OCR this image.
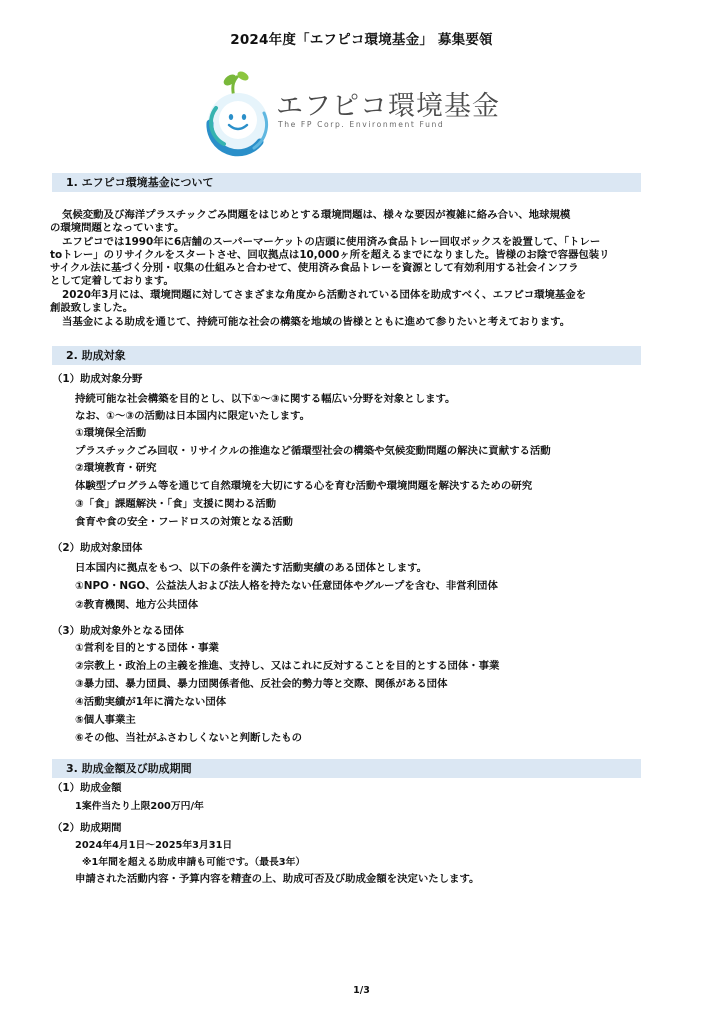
2024年度「エフピコ環境基金」 募集要領
エフピコ環境基金
The FP Corp. Environment Fund
1. エフピコ環境基金について
気候変動及び海洋プラスチックごみ問題をはじめとする環境問題は、様々な要因が複雑に絡み合い、地球規模
の環境問題となっています。
エフピコでは1990年に6店舗のスーパーマーケットの店頭に使用済み食品トレー回収ボックスを設置して、「トレー
toトレー」のリサイクルをスタートさせ、回収拠点は10,000ヶ所を超えるまでになりました。皆様のお陰で容器包装リ
サイクル法に基づく分別・収集の仕組みと合わせて、使用済み食品トレーを資源として有効利用する社会インフラ
として定着しております。
2020年3月には、環境問題に対してさまざまな角度から活動されている団体を助成すべく、エフピコ環境基金を
創設致しました。
当基金による助成を通じて、持続可能な社会の構築を地域の皆様とともに進めて参りたいと考えております。
2. 助成対象
（1）助成対象分野
持続可能な社会構築を目的とし、以下①～③に関する幅広い分野を対象とします。
なお、①～③の活動は日本国内に限定いたします。
①環境保全活動
プラスチックごみ回収・リサイクルの推進など循環型社会の構築や気候変動問題の解決に貢献する活動
②環境教育・研究
体験型プログラム等を通じて自然環境を大切にする心を育む活動や環境問題を解決するための研究
③「食」課題解決・「食」支援に関わる活動
食育や食の安全・フードロスの対策となる活動
（2）助成対象団体
日本国内に拠点をもつ、以下の条件を満たす活動実績のある団体とします。
①NPO・NGO、公益法人および法人格を持たない任意団体やグループを含む、非営利団体
②教育機関、地方公共団体
（3）助成対象外となる団体
①営利を目的とする団体・事業
②宗教上・政治上の主義を推進、支持し、又はこれに反対することを目的とする団体・事業
③暴力団、暴力団員、暴力団関係者他、反社会的勢力等と交際、関係がある団体
④活動実績が1年に満たない団体
⑤個人事業主
⑥その他、当社がふさわしくないと判断したもの
3. 助成金額及び助成期間
（1）助成金額
1案件当たり上限200万円/年
（2）助成期間
2024年4月1日～2025年3月31日
※1年間を超える助成申請も可能です。（最長3年）
申請された活動内容・予算内容を精査の上、助成可否及び助成金額を決定いたします。
1/3
